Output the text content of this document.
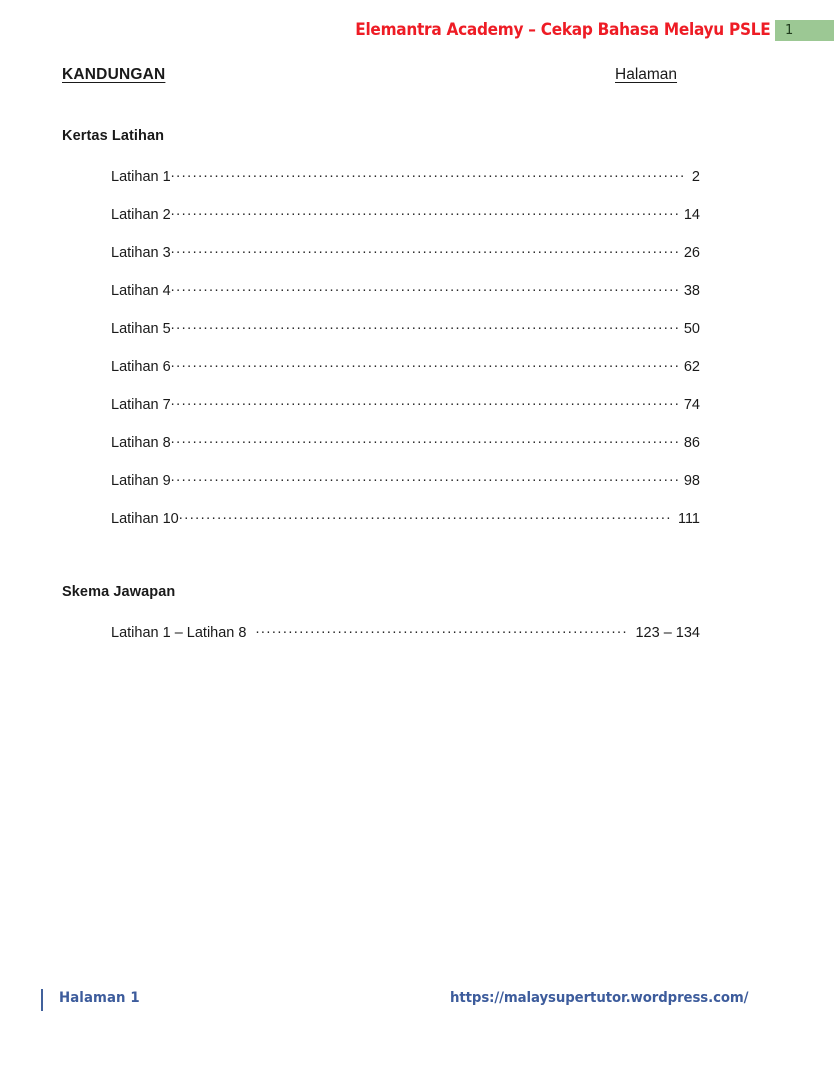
Elemantra Academy – Cekap Bahasa Melayu PSLE 1
KANDUNGAN	Halaman
Kertas Latihan
Latihan 1 .....	2
Latihan 2 .....	14
Latihan 3 .....	26
Latihan 4 .....	38
Latihan 5 .....	50
Latihan 6 .....	62
Latihan 7 .....	74
Latihan 8 .....	86
Latihan 9 .....	98
Latihan 10 .....	111
Skema Jawapan
Latihan 1 – Latihan 8 .....	123 – 134
Halaman 1	https://malaysupertutor.wordpress.com/
